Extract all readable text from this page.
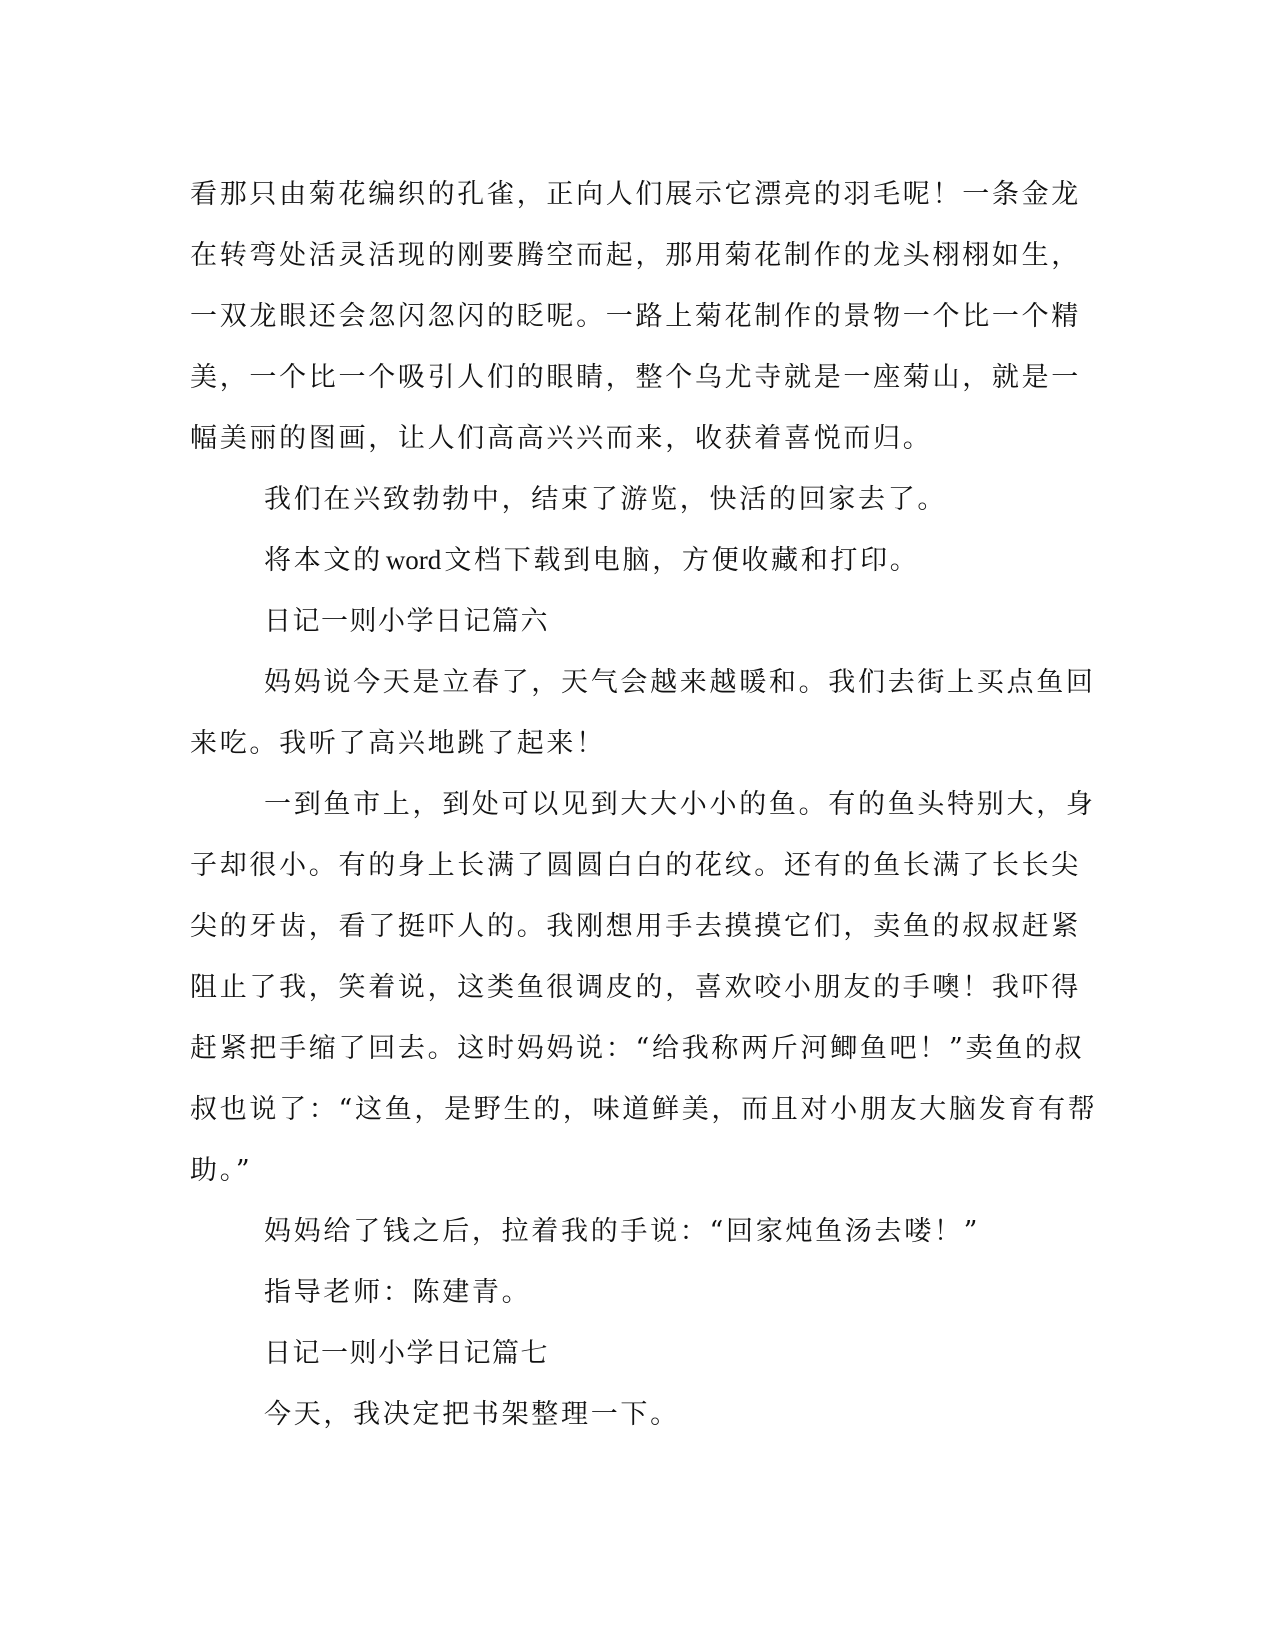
看那只由菊花编织的孔雀，正向人们展示它漂亮的羽毛呢！一条金龙
在转弯处活灵活现的刚要腾空而起，那用菊花制作的龙头栩栩如生，
一双龙眼还会忽闪忽闪的眨呢。一路上菊花制作的景物一个比一个精
美，一个比一个吸引人们的眼睛，整个乌尤寺就是一座菊山，就是一
幅美丽的图画，让人们高高兴兴而来，收获着喜悦而归。
我们在兴致勃勃中，结束了游览，快活的回家去了。
将本文的 word 文档下载到电脑，方便收藏和打印。
日记一则小学日记篇六
妈妈说今天是立春了，天气会越来越暖和。我们去街上买点鱼回
来吃。我听了高兴地跳了起来！
一到鱼市上，到处可以见到大大小小的鱼。有的鱼头特别大，身
子却很小。有的身上长满了圆圆白白的花纹。还有的鱼长满了长长尖
尖的牙齿，看了挺吓人的。我刚想用手去摸摸它们，卖鱼的叔叔赶紧
阻止了我，笑着说，这类鱼很调皮的，喜欢咬小朋友的手噢！我吓得
赶紧把手缩了回去。这时妈妈说：“给我称两斤河鲫鱼吧！”卖鱼的叔
叔也说了：“这鱼，是野生的，味道鲜美，而且对小朋友大脑发育有帮
助。”
妈妈给了钱之后，拉着我的手说：“回家炖鱼汤去喽！”
指导老师：陈建青。
日记一则小学日记篇七
今天，我决定把书架整理一下。
